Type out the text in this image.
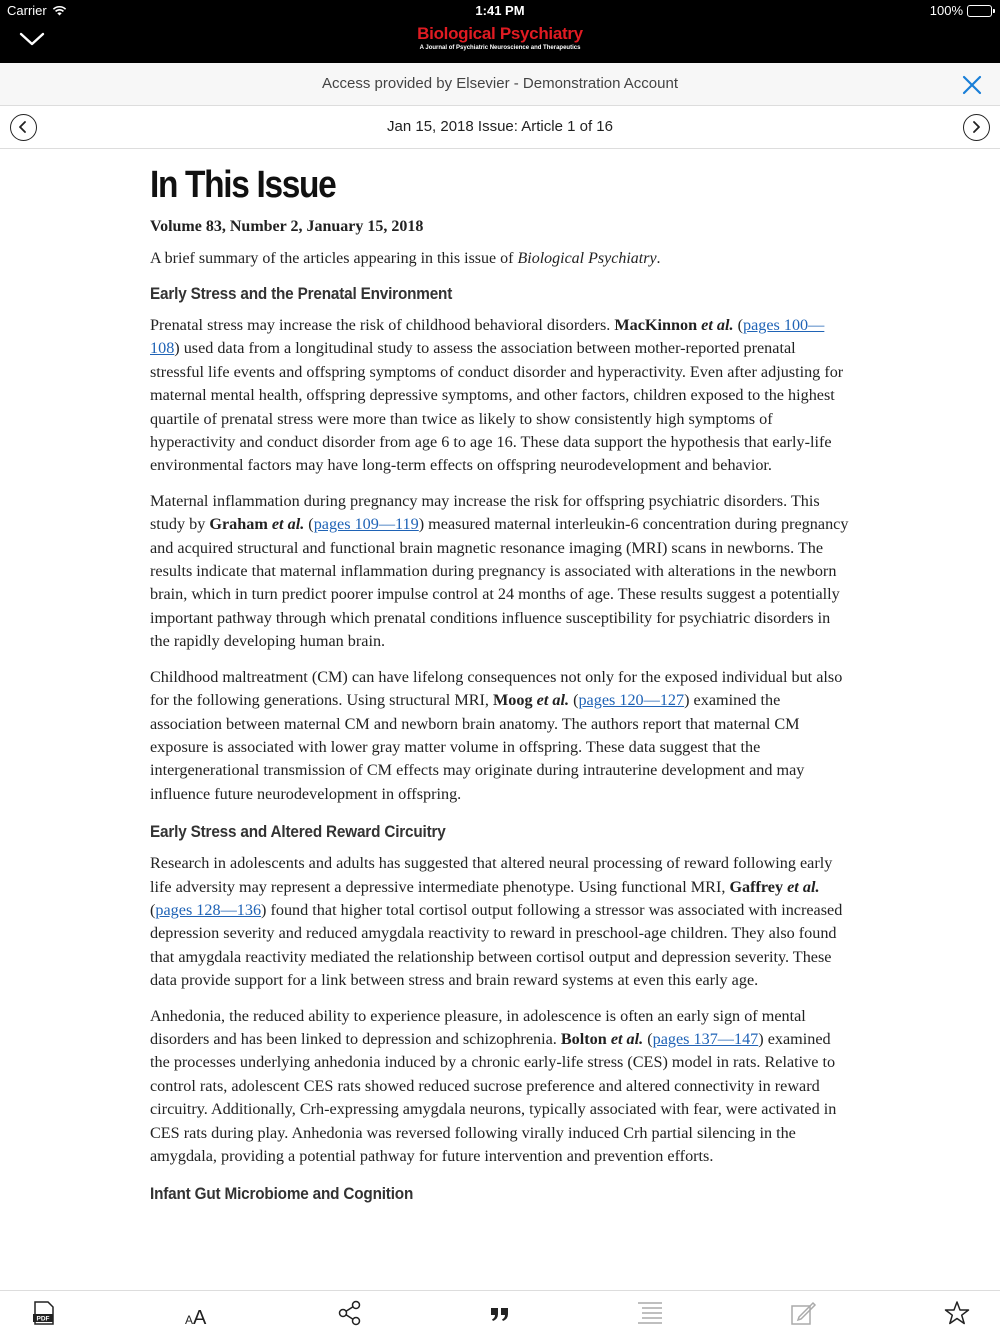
Carrier	1:41 PM	100%
Biological Psychiatry
A Journal of Psychiatric Neuroscience and Therapeutics
Access provided by Elsevier - Demonstration Account
Jan 15, 2018 Issue: Article 1 of 16
In This Issue
Volume 83, Number 2, January 15, 2018
A brief summary of the articles appearing in this issue of Biological Psychiatry.
Early Stress and the Prenatal Environment

Prenatal stress may increase the risk of childhood behavioral disorders. MacKinnon et al. (pages 100—108) used data from a longitudinal study to assess the association between mother-reported prenatal stressful life events and offspring symptoms of conduct disorder and hyperactivity. Even after adjusting for maternal mental health, offspring depressive symptoms, and other factors, children exposed to the highest quartile of prenatal stress were more than twice as likely to show consistently high symptoms of hyperactivity and conduct disorder from age 6 to age 16. These data support the hypothesis that early-life environmental factors may have long-term effects on offspring neurodevelopment and behavior.

Maternal inflammation during pregnancy may increase the risk for offspring psychiatric disorders. This study by Graham et al. (pages 109—119) measured maternal interleukin-6 concentration during pregnancy and acquired structural and functional brain magnetic resonance imaging (MRI) scans in newborns. The results indicate that maternal inflammation during pregnancy is associated with alterations in the newborn brain, which in turn predict poorer impulse control at 24 months of age. These results suggest a potentially important pathway through which prenatal conditions influence susceptibility for psychiatric disorders in the rapidly developing human brain.

Childhood maltreatment (CM) can have lifelong consequences not only for the exposed individual but also for the following generations. Using structural MRI, Moog et al. (pages 120—127) examined the association between maternal CM and newborn brain anatomy. The authors report that maternal CM exposure is associated with lower gray matter volume in offspring. These data suggest that the intergenerational transmission of CM effects may originate during intrauterine development and may influence future neurodevelopment in offspring.

Early Stress and Altered Reward Circuitry

Research in adolescents and adults has suggested that altered neural processing of reward following early life adversity may represent a depressive intermediate phenotype. Using functional MRI, Gaffrey et al. (pages 128—136) found that higher total cortisol output following a stressor was associated with increased depression severity and reduced amygdala reactivity to reward in preschool-age children. They also found that amygdala reactivity mediated the relationship between cortisol output and depression severity. These data provide support for a link between stress and brain reward systems at even this early age.

Anhedonia, the reduced ability to experience pleasure, in adolescence is often an early sign of mental disorders and has been linked to depression and schizophrenia. Bolton et al. (pages 137—147) examined the processes underlying anhedonia induced by a chronic early-life stress (CES) model in rats. Relative to control rats, adolescent CES rats showed reduced sucrose preference and altered connectivity in reward circuitry. Additionally, Crh-expressing amygdala neurons, typically associated with fear, were activated in CES rats during play. Anhedonia was reversed following virally induced Crh partial silencing in the amygdala, providing a potential pathway for future intervention and prevention efforts.

Infant Gut Microbiome and Cognition
PDF	A A
